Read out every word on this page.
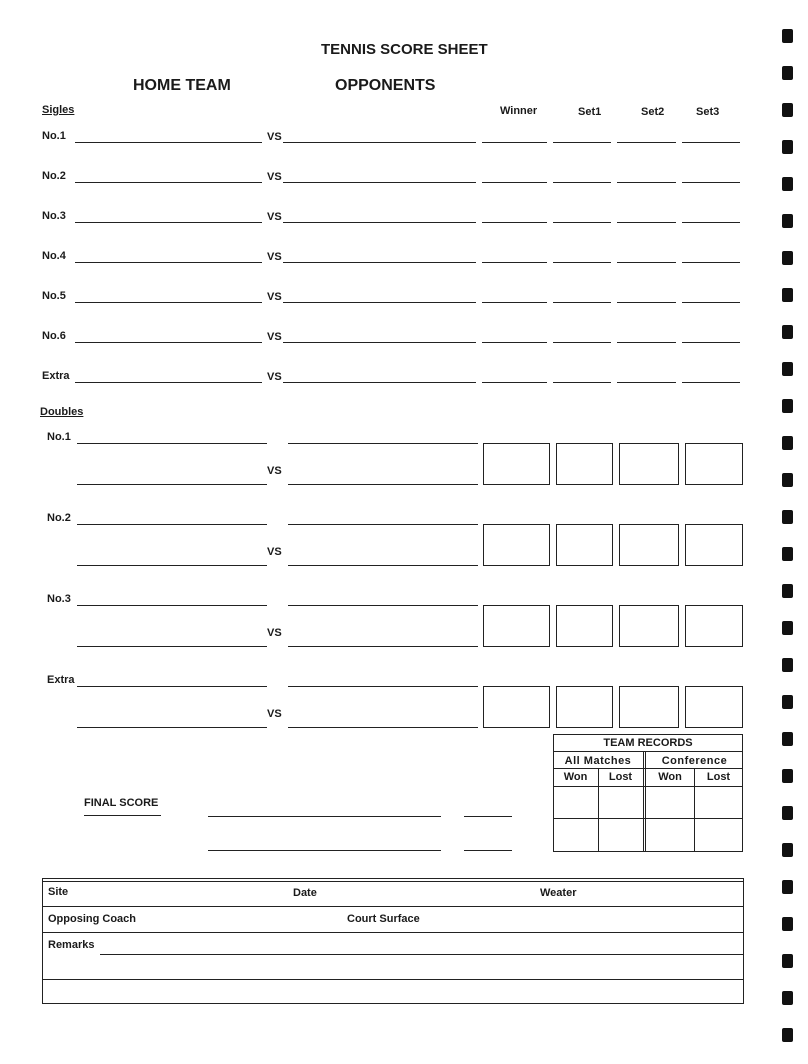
TENNIS SCORE SHEET
HOME TEAM	OPPONENTS
Sigles	Winner	Set1	Set2	Set3
No.1	VS
No.2	VS
No.3	VS
No.4	VS
No.5	VS
No.6	VS
Extra	VS
Doubles
No.1
VS
No.2
VS
No.3
VS
Extra
VS
TEAM RECORDS
All Matches	Conference
Won	Lost	Won	Lost
FINAL SCORE
Site	Date	Weater
Opposing Coach	Court Surface
Remarks
